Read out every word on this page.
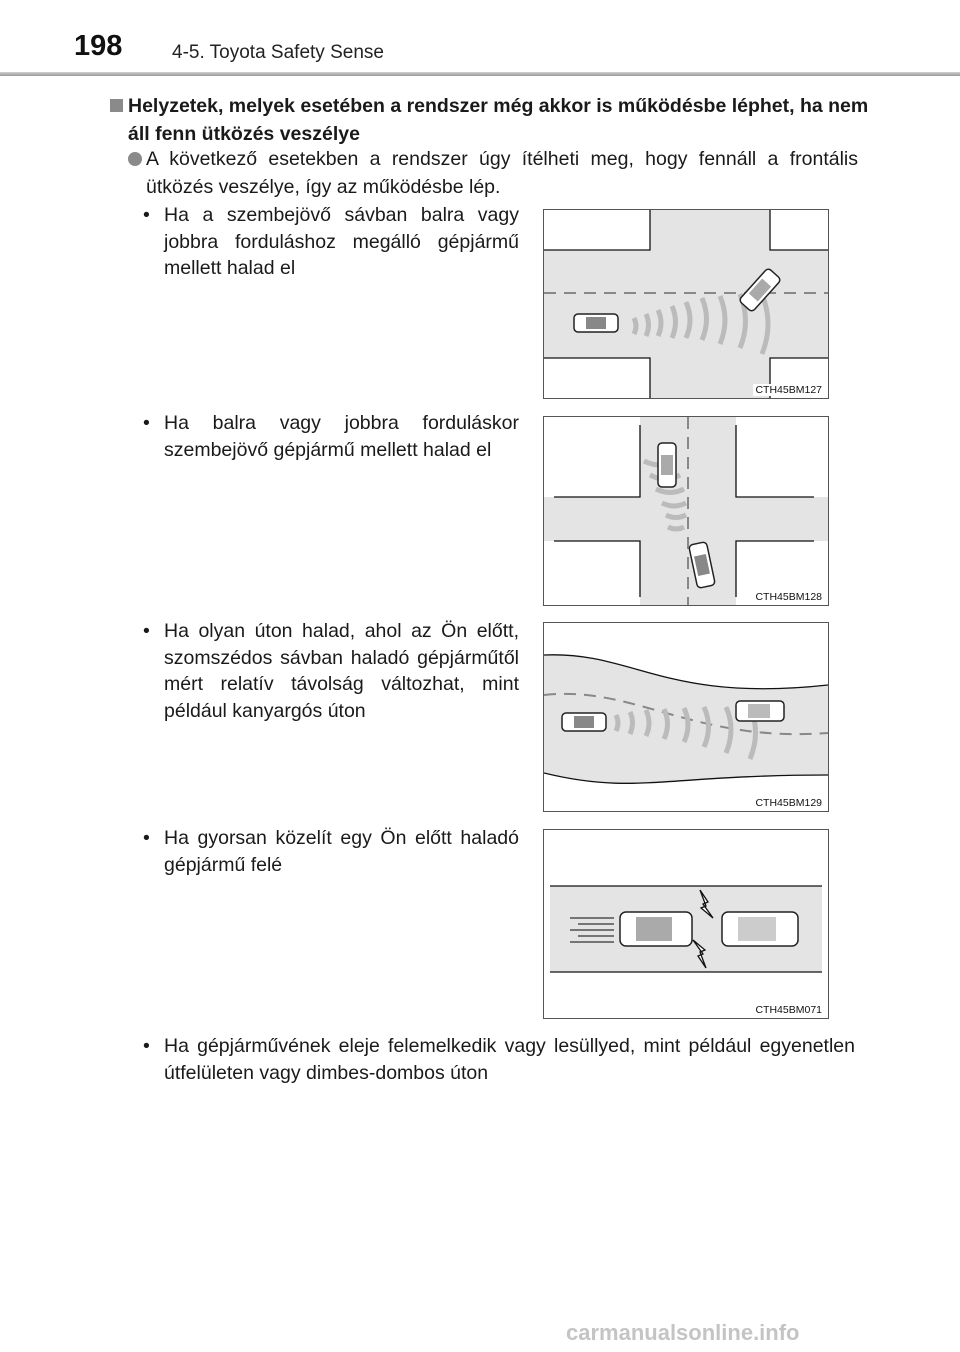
198	4-5. Toyota Safety Sense
Helyzetek, melyek esetében a rendszer még akkor is működésbe léphet, ha nem áll fenn ütközés veszélye
A következő esetekben a rendszer úgy ítélheti meg, hogy fennáll a frontális ütközés veszélye, így az működésbe lép.
• Ha a szembejövő sávban balra vagy jobbra forduláshoz megálló gépjármű mellett halad el
CTH45BM127
• Ha balra vagy jobbra forduláskor szembejövő gépjármű mellett halad el
CTH45BM128
• Ha olyan úton halad, ahol az Ön előtt, szomszédos sávban haladó gépjárműtől mért relatív távolság változhat, mint például kanyargós úton
CTH45BM129
• Ha gyorsan közelít egy Ön előtt haladó gépjármű felé
CTH45BM071
• Ha gépjárművének eleje felemelkedik vagy lesüllyed, mint például egyenetlen útfelületen vagy dimbes-dombos úton
carmanualsonline.info
